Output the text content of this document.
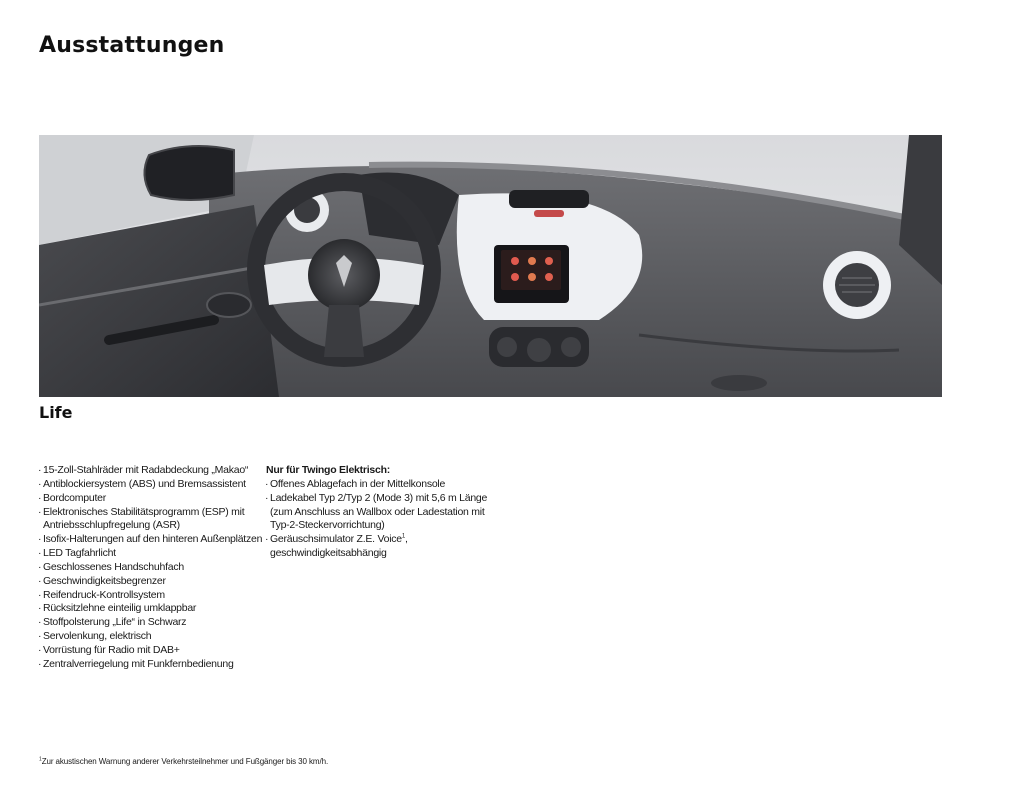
Ausstattungen
Life
· 15-Zoll-Stahlräder mit Radabdeckung „Makao“
· Antiblockiersystem (ABS) und Bremsassistent
· Bordcomputer
· Elektronisches Stabilitätsprogramm (ESP) mit Antriebsschlupfregelung (ASR)
· Isofix-Halterungen auf den hinteren Außenplätzen
· LED Tagfahrlicht
· Geschlossenes Handschuhfach
· Geschwindigkeitsbegrenzer
· Reifendruck-Kontrollsystem
· Rücksitzlehne einteilig umklappbar
· Stoffpolsterung „Life“ in Schwarz
· Servolenkung, elektrisch
· Vorrüstung für Radio mit DAB+
· Zentralverriegelung mit Funkfernbedienung
Nur für Twingo Elektrisch:
· Offenes Ablagefach in der Mittelkonsole
· Ladekabel Typ 2/Typ 2 (Mode 3) mit 5,6 m Länge (zum Anschluss an Wallbox oder Ladestation mit Typ-2-Steckervorrichtung)
· Geräuschsimulator Z.E. Voice$^1$, geschwindigkeitsabhängig
$^1$Zur akustischen Warnung anderer Verkehrsteilnehmer und Fußgänger bis 30 km/h.
